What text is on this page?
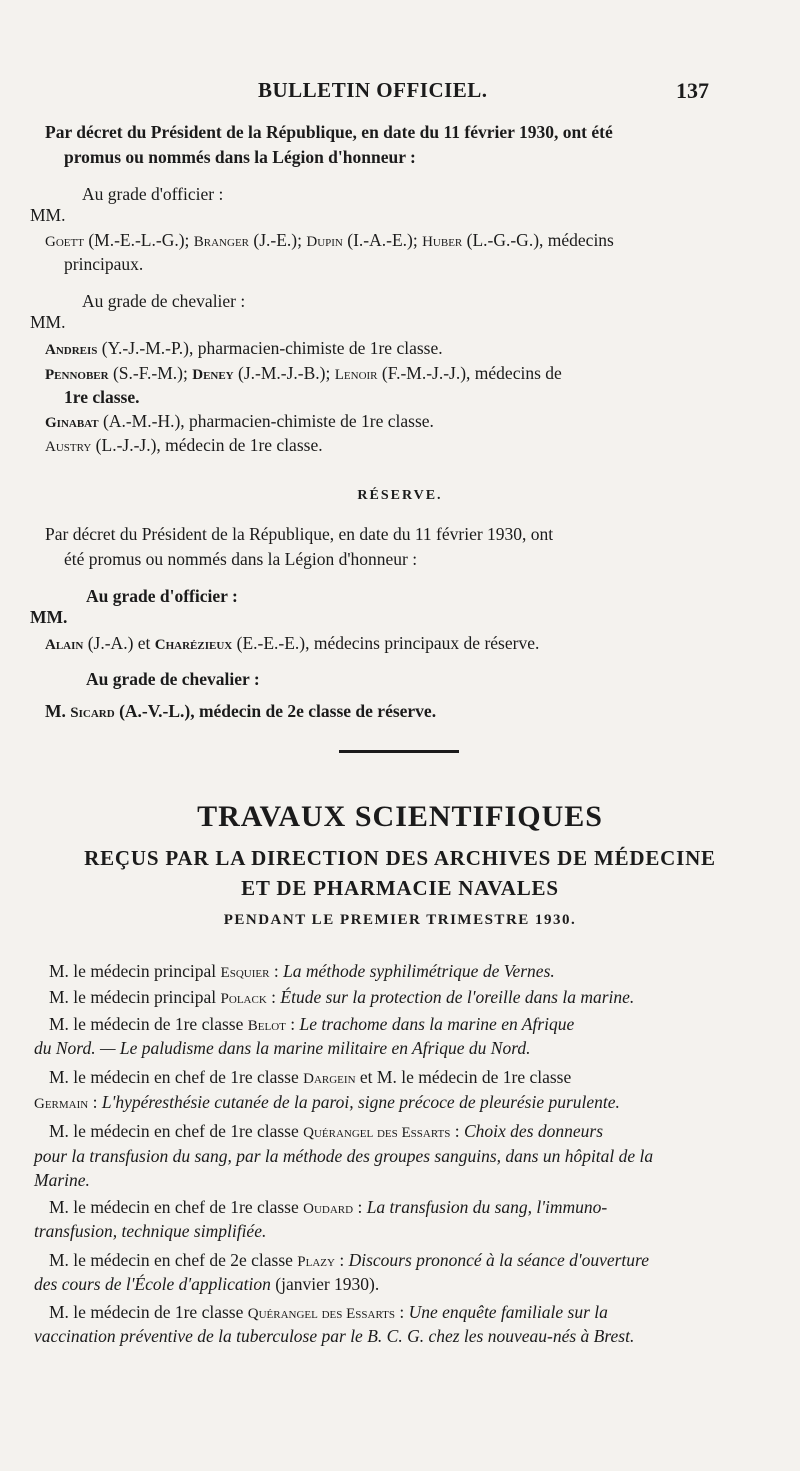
BULLETIN OFFICIEL.	137
Par décret du Président de la République, en date du 11 février 1930, ont été
promus ou nommés dans la Légion d'honneur :
Au grade d'officier :
MM.
Goett (M.-E.-L.-G.); Branger (J.-E.); Dupin (I.-A.-E.); Huber (L.-G.-G.), médecins
principaux.
Au grade de chevalier :
MM.
Andreis (Y.-J.-M.-P.), pharmacien-chimiste de 1re classe.
Pennober (S.-F.-M.); Deney (J.-M.-J.-B.); Lenoir (F.-M.-J.-J.), médecins de
1re classe.
Ginabat (A.-M.-H.), pharmacien-chimiste de 1re classe.
Austry (L.-J.-J.), médecin de 1re classe.
RÉSERVE.
Par décret du Président de la République, en date du 11 février 1930, ont
été promus ou nommés dans la Légion d'honneur :
Au grade d'officier :
MM.
Alain (J.-A.) et Charézieux (E.-E.-E.), médecins principaux de réserve.
Au grade de chevalier :
M. Sicard (A.-V.-L.), médecin de 2e classe de réserve.
TRAVAUX SCIENTIFIQUES
REÇUS PAR LA DIRECTION DES ARCHIVES DE MÉDECINE
ET DE PHARMACIE NAVALES
PENDANT LE PREMIER TRIMESTRE 1930.
M. le médecin principal Esquier : La méthode syphilimétrique de Vernes.
M. le médecin principal Polack : Étude sur la protection de l'oreille dans la marine.
M. le médecin de 1re classe Belot : Le trachome dans la marine en Afrique
du Nord. — Le paludisme dans la marine militaire en Afrique du Nord.
M. le médecin en chef de 1re classe Dargein et M. le médecin de 1re classe
Germain : L'hypéresthésie cutanée de la paroi, signe précoce de pleurésie purulente.
M. le médecin en chef de 1re classe Quérangel des Essarts : Choix des donneurs
pour la transfusion du sang, par la méthode des groupes sanguins, dans un hôpital de la
Marine.
M. le médecin en chef de 1re classe Oudard : La transfusion du sang, l'immuno-
transfusion, technique simplifiée.
M. le médecin en chef de 2e classe Plazy : Discours prononcé à la séance d'ouverture
des cours de l'École d'application (janvier 1930).
M. le médecin de 1re classe Quérangel des Essarts : Une enquête familiale sur la
vaccination préventive de la tuberculose par le B. C. G. chez les nouveau-nés à Brest.
